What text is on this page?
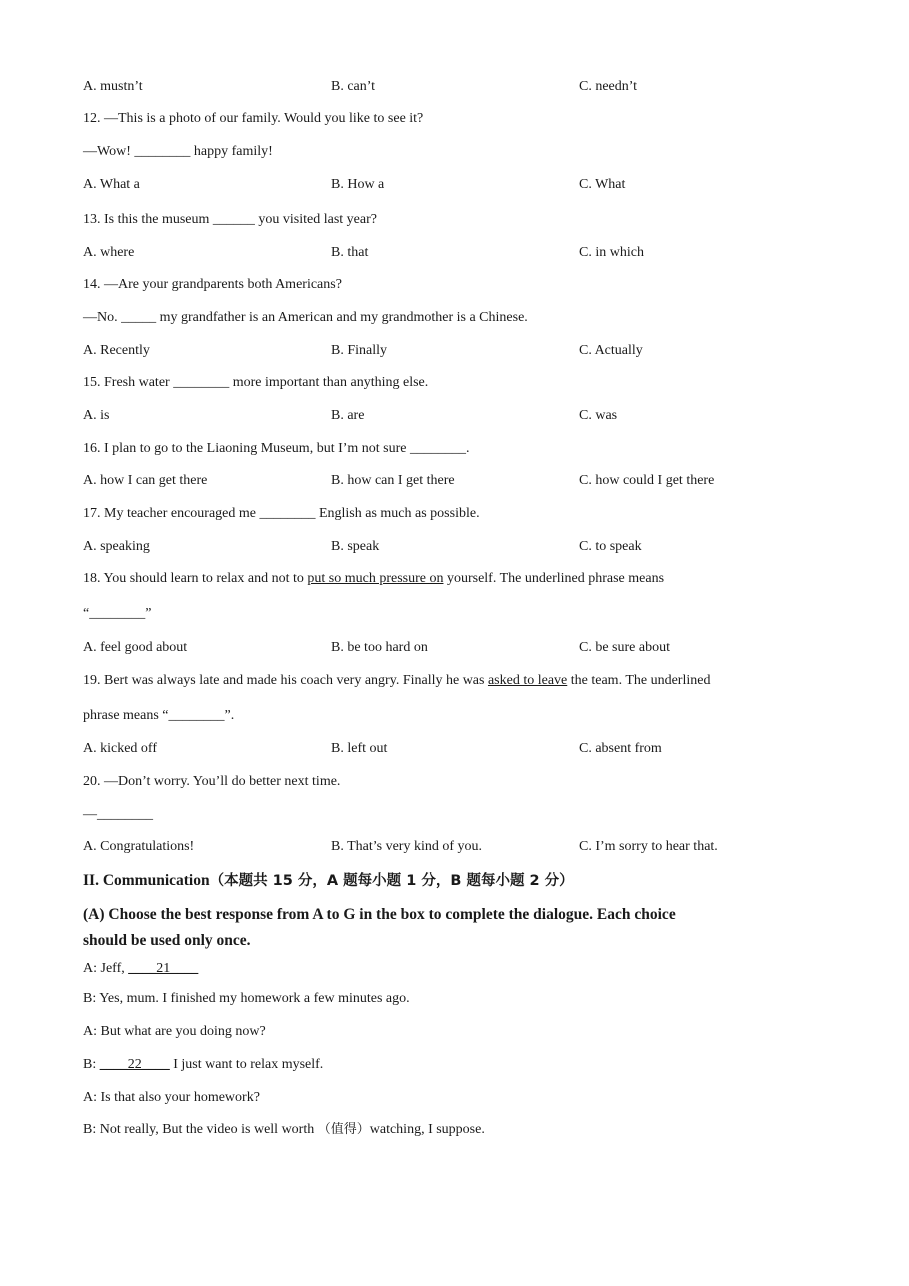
A. mustn’t	B. can’t	C. needn’t
12. —This is a photo of our family. Would you like to see it?
—Wow! ________ happy family!
A. What a	B. How a	C. What
13. Is this the museum ______ you visited last year?
A. where	B. that	C. in which
14. —Are your grandparents both Americans?
—No. _____ my grandfather is an American and my grandmother is a Chinese.
A. Recently	B. Finally	C. Actually
15. Fresh water ________ more important than anything else.
A. is	B. are	C. was
16. I plan to go to the Liaoning Museum, but I’m not sure ________.
A. how I can get there	B. how can I get there	C. how could I get there
17. My teacher encouraged me ________ English as much as possible.
A. speaking	B. speak	C. to speak
18. You should learn to relax and not to put so much pressure on yourself. The underlined phrase means
“________”
A. feel good about	B. be too hard on	C. be sure about
19. Bert was always late and made his coach very angry. Finally he was asked to leave the team. The underlined
phrase means “________”.
A. kicked off	B. left out	C. absent from
20. —Don’t worry. You’ll do better next time.
—________
A. Congratulations!	B. That’s very kind of you.	C. I’m sorry to hear that.
II. Communication（本题共 15 分，A 题每小题 1 分，B 题每小题 2 分）
(A) Choose the best response from A to G in the box to complete the dialogue. Each choice
should be used only once.
A: Jeff, ____21____
B: Yes, mum. I finished my homework a few minutes ago.
A: But what are you doing now?
B: ____22____ I just want to relax myself.
A: Is that also your homework?
B: Not really, But the video is well worth （值得）watching, I suppose.
